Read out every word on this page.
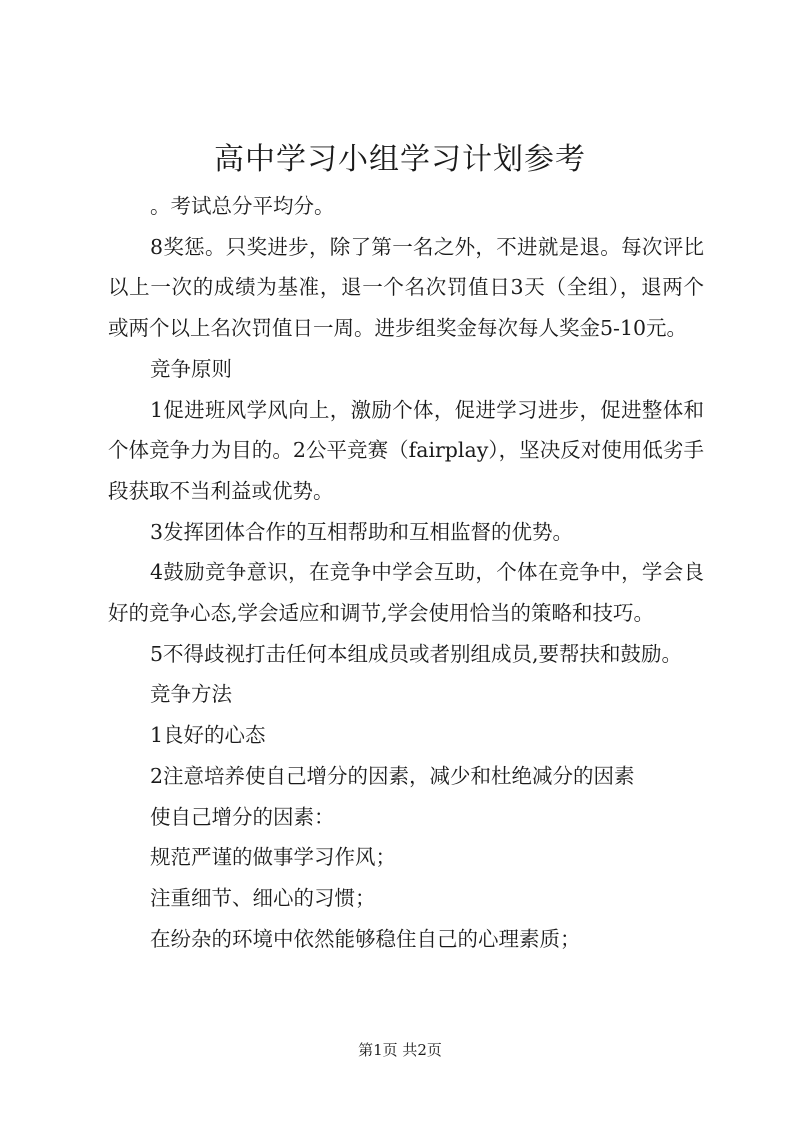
高中学习小组学习计划参考

。考试总分平均分。

8奖惩。只奖进步，除了第一名之外，不进就是退。每次评比以上一次的成绩为基准，退一个名次罚值日3天（全组），退两个或两个以上名次罚值日一周。进步组奖金每次每人奖金5-10元。

竞争原则

1促进班风学风向上，激励个体，促进学习进步，促进整体和个体竞争力为目的。2公平竞赛（fairplay），坚决反对使用低劣手段获取不当利益或优势。

3发挥团体合作的互相帮助和互相监督的优势。

4鼓励竞争意识，在竞争中学会互助，个体在竞争中，学会良好的竞争心态,学会适应和调节,学会使用恰当的策略和技巧。

5不得歧视打击任何本组成员或者别组成员,要帮扶和鼓励。

竞争方法

1良好的心态

2注意培养使自己增分的因素，减少和杜绝减分的因素

使自己增分的因素：

规范严谨的做事学习作风；

注重细节、细心的习惯；

在纷杂的环境中依然能够稳住自己的心理素质；

第1页 共2页
